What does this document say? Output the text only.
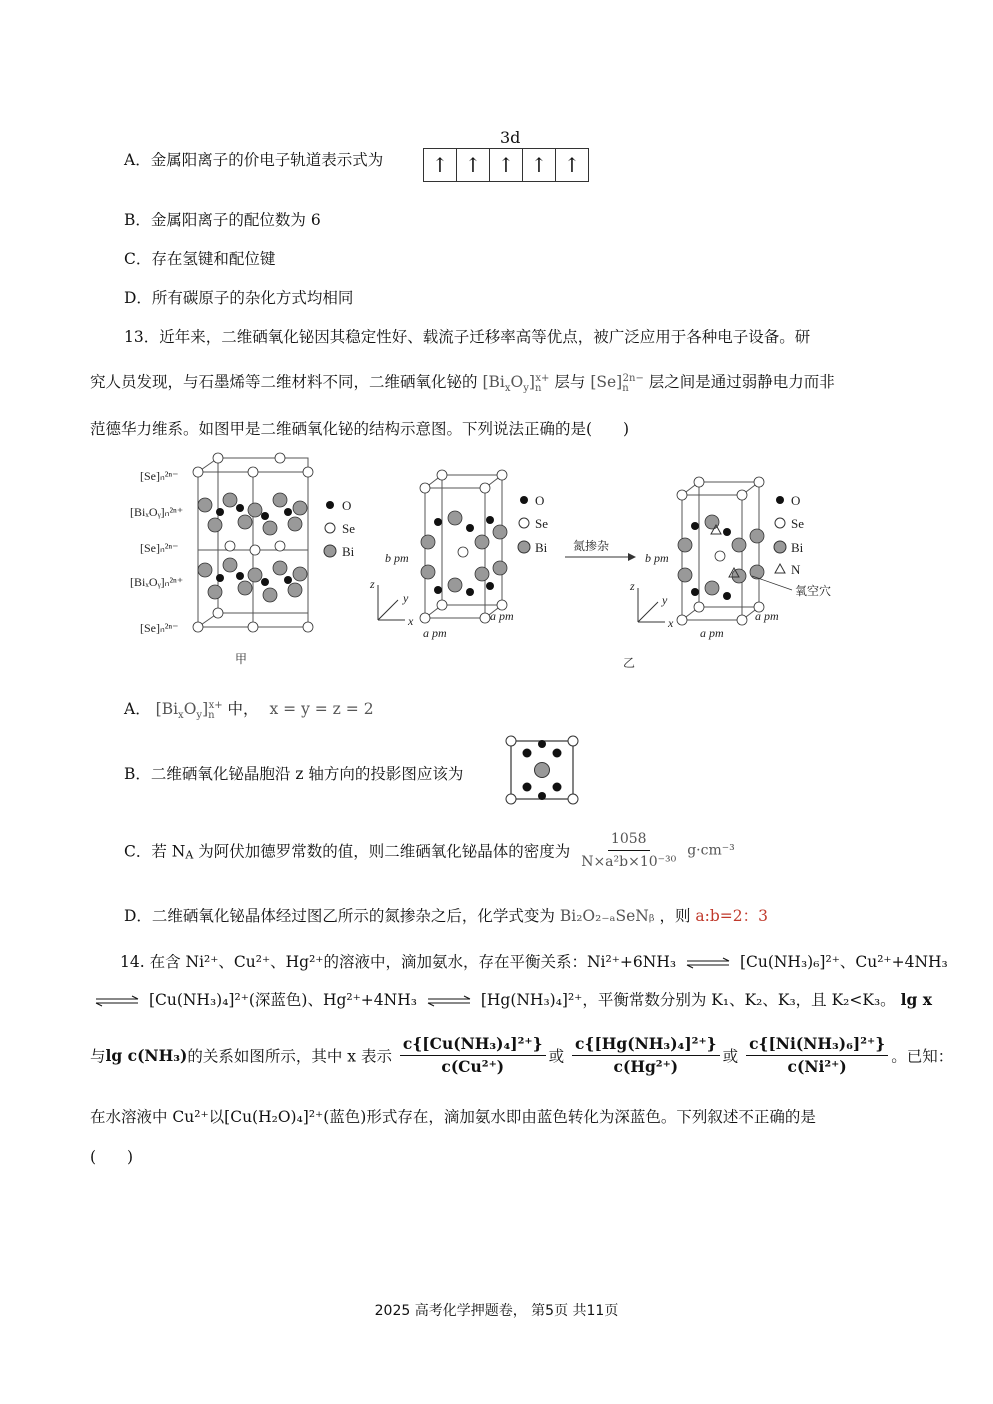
A．金属阳离子的价电子轨道表示式为
3d
↑ ↑ ↑ ↑ ↑
B．金属阳离子的配位数为 6
C．存在氢键和配位键
D．所有碳原子的杂化方式均相同
13．近年来，二维硒氧化铋因其稳定性好、载流子迁移率高等优点，被广泛应用于各种电子设备。研
究人员发现，与石墨烯等二维材料不同，二维硒氧化铋的 $[Bi_xO_y]_n^{x+}$ 层与 $[Se]_n^{2n-}$ 层之间是通过弱静电力而非
范德华力维系。如图甲是二维硒氧化铋的结构示意图。下列说法正确的是(　　)
[Se]ₙ²ⁿ⁻
[BiₓOᵧ]ₙ²ⁿ⁺
[Se]ₙ²ⁿ⁻
[BiₓOᵧ]ₙ²ⁿ⁺
[Se]ₙ²ⁿ⁻
O
Se
Bi
z
y
x
b pm
a pm
a pm
O
Se
Bi 氮掺杂
z
y
x
b pm
a pm
a pm
O
Se
Bi
N
氧空穴
甲	乙
A． $[Bi_xO_y]_n^{x+}$ 中， x = y = z = 2
B．二维硒氧化铋晶胞沿 z 轴方向的投影图应该为
C．若 $N_A$ 为阿伏加德罗常数的值，则二维硒氧化铋晶体的密度为 $\frac{1058}{\text{N×a²b×10⁻³⁰}} g\cdot cm^{-3}$
D．二维硒氧化铋晶体经过图乙所示的氮掺杂之后，化学式变为 Bi₂O₂₋ₐSeNᵦ ，则 a:b=2：3
14. 在含 Ni²⁺、Cu²⁺、Hg²⁺的溶液中，滴加氨水，存在平衡关系：Ni²⁺+6NH₃ ⇌ [Cu(NH₃)₆]²⁺、Cu²⁺+4NH₃
⇌ [Cu(NH₃)₄]²⁺(深蓝色)、Hg²⁺+4NH₃ ⇌ [Hg(NH₃)₄]²⁺，平衡常数分别为 K₁、K₂、K₃，且 K₂<K₃。 lg x
与lg c(NH₃)的关系如图所示，其中 x 表示 $\frac{\text{c\{[Cu(NH₃)₄]²⁺\}}}{\text{c(Cu²⁺)}}$ 或 $\frac{\text{c\{[Hg(NH₃)₄]²⁺\}}}{\text{c(Hg²⁺)}}$ 或 $\frac{\text{c\{[Ni(NH₃)₆]²⁺\}}}{\text{c(Ni²⁺)}}$ 。已知：
在水溶液中 Cu²⁺以[Cu(H₂O)₄]²⁺(蓝色)形式存在，滴加氨水即由蓝色转化为深蓝色。下列叙述不正确的是
(　　)
2025 高考化学押题卷， 第5页 共11页
